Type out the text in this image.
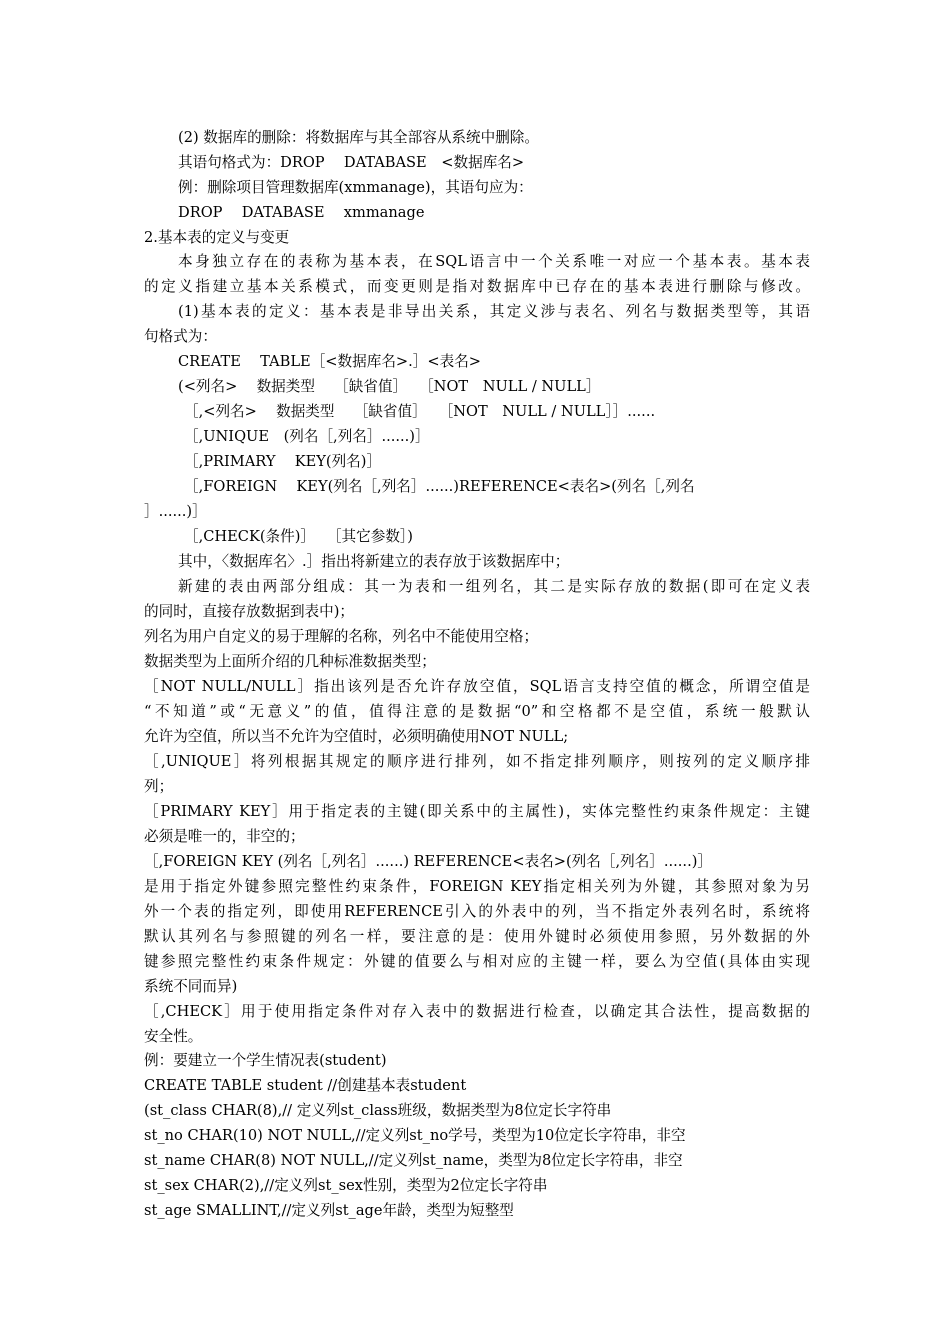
(2) 数据库的删除：将数据库与其全部容从系统中删除。
其语句格式为：DROP　 DATABASE　<数据库名>
例：删除项目管理数据库(xmmanage)，其语句应为：
DROP　 DATABASE　 xmmanage
2.基本表的定义与变更
本身独立存在的表称为基本表，在SQL语言中一个关系唯一对应一个基本表。基本表
的定义指建立基本关系模式，而变更则是指对数据库中已存在的基本表进行删除与修改。
(1)基本表的定义：基本表是非导出关系，其定义涉与表名、列名与数据类型等，其语
句格式为：
CREATE　 TABLE［<数据库名>.］<表名>
(<列名>　 数据类型　 ［缺省值］　 ［NOT　NULL / NULL］
［,<列名>　 数据类型　 ［缺省值］　 ［NOT　NULL / NULL］］......
［,UNIQUE　(列名［,列名］......)］
［,PRIMARY　 KEY(列名)］
［,FOREIGN　 KEY(列名［,列名］......)REFERENCE<表名>(列名［,列名
］......)］
［,CHECK(条件)］　 ［其它参数］)
其中，〈数据库名〉.］指出将新建立的表存放于该数据库中；
新建的表由两部分组成：其一为表和一组列名，其二是实际存放的数据(即可在定义表
的同时，直接存放数据到表中)；
列名为用户自定义的易于理解的名称，列名中不能使用空格；
数据类型为上面所介绍的几种标准数据类型；
［NOT NULL/NULL］指出该列是否允许存放空值，SQL语言支持空值的概念，所谓空值是
“不知道”或“无意义”的值，值得注意的是数据“0”和空格都不是空值，系统一般默认
允许为空值，所以当不允许为空值时，必须明确使用NOT NULL;
［,UNIQUE］将列根据其规定的顺序进行排列，如不指定排列顺序，则按列的定义顺序排
列；
［PRIMARY KEY］用于指定表的主键(即关系中的主属性)，实体完整性约束条件规定：主键
必须是唯一的，非空的；
［,FOREIGN KEY (列名［,列名］......) REFERENCE<表名>(列名［,列名］......)］
是用于指定外键参照完整性约束条件，FOREIGN KEY指定相关列为外键，其参照对象为另
外一个表的指定列，即使用REFERENCE引入的外表中的列，当不指定外表列名时，系统将
默认其列名与参照键的列名一样，要注意的是：使用外键时必须使用参照，另外数据的外
键参照完整性约束条件规定：外键的值要么与相对应的主键一样，要么为空值(具体由实现
系统不同而异)
［,CHECK］用于使用指定条件对存入表中的数据进行检查，以确定其合法性，提高数据的
安全性。
例：要建立一个学生情况表(student)
CREATE TABLE student //创建基本表student
(st_class CHAR(8),// 定义列st_class班级，数据类型为8位定长字符串
st_no CHAR(10) NOT NULL,//定义列st_no学号，类型为10位定长字符串，非空
st_name CHAR(8) NOT NULL,//定义列st_name，类型为8位定长字符串，非空
st_sex CHAR(2),//定义列st_sex性别，类型为2位定长字符串
st_age SMALLINT,//定义列st_age年龄，类型为短整型
